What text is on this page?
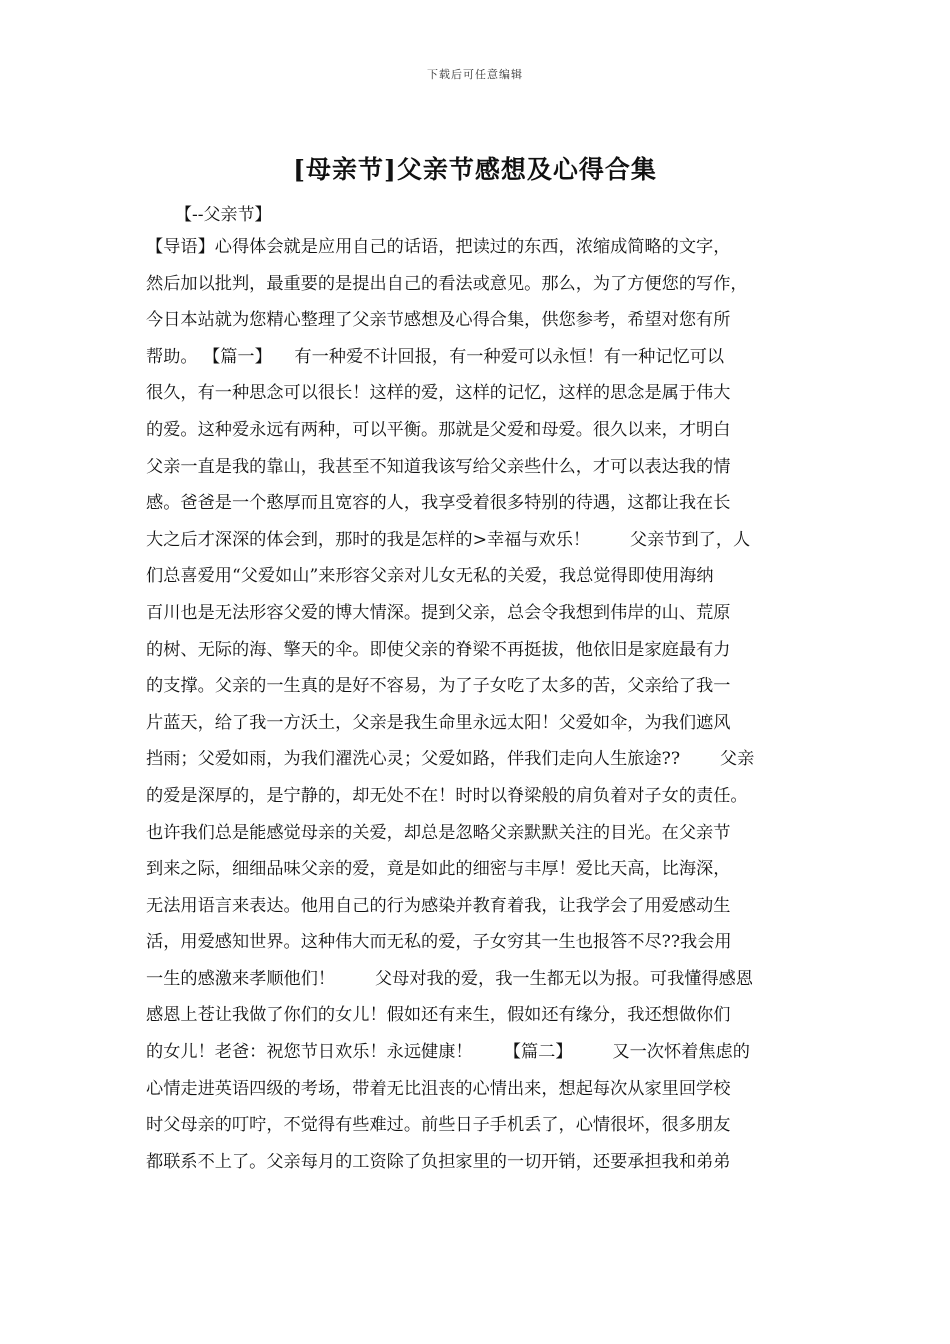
下载后可任意编辑
[母亲节]父亲节感想及心得合集
【--父亲节】
【导语】心得体会就是应用自己的话语，把读过的东西，浓缩成简略的文字，
然后加以批判，最重要的是提出自己的看法或意见。那么，为了方便您的写作，
今日本站就为您精心整理了父亲节感想及心得合集，供您参考，希望对您有所
帮助。 【篇一】 　有一种爱不计回报，有一种爱可以永恒！有一种记忆可以
很久，有一种思念可以很长！这样的爱，这样的记忆，这样的思念是属于伟大
的爱。这种爱永远有两种，可以平衡。那就是父爱和母爱。很久以来，才明白
父亲一直是我的靠山，我甚至不知道我该写给父亲些什么，才可以表达我的情
感。爸爸是一个憨厚而且宽容的人，我享受着很多特别的待遇，这都让我在长
大之后才深深的体会到，那时的我是怎样的>幸福与欢乐！ 　　父亲节到了，人
们总喜爱用“父爱如山”来形容父亲对儿女无私的关爱，我总觉得即使用海纳
百川也是无法形容父爱的博大情深。提到父亲，总会令我想到伟岸的山、荒原
的树、无际的海、擎天的伞。即使父亲的脊梁不再挺拔，他依旧是家庭最有力
的支撑。父亲的一生真的是好不容易，为了子女吃了太多的苦，父亲给了我一
片蓝天，给了我一方沃土，父亲是我生命里永远太阳！父爱如伞，为我们遮风
挡雨；父爱如雨，为我们濯洗心灵；父爱如路，伴我们走向人生旅途?? 　　父亲
的爱是深厚的，是宁静的，却无处不在！时时以脊梁般的肩负着对子女的责任。
也许我们总是能感觉母亲的关爱，却总是忽略父亲默默关注的目光。在父亲节
到来之际，细细品味父亲的爱，竟是如此的细密与丰厚！爱比天高，比海深，
无法用语言来表达。他用自己的行为感染并教育着我，让我学会了用爱感动生
活，用爱感知世界。这种伟大而无私的爱，子女穷其一生也报答不尽??我会用
一生的感激来孝顺他们！ 　　父母对我的爱，我一生都无以为报。可我懂得感恩
感恩上苍让我做了你们的女儿！假如还有来生，假如还有缘分，我还想做你们
的女儿！老爸：祝您节日欢乐！永远健康！ 　　【篇二】 　　又一次怀着焦虑的
心情走进英语四级的考场，带着无比沮丧的心情出来，想起每次从家里回学校
时父母亲的叮咛，不觉得有些难过。前些日子手机丢了，心情很坏，很多朋友
都联系不上了。父亲每月的工资除了负担家里的一切开销，还要承担我和弟弟
